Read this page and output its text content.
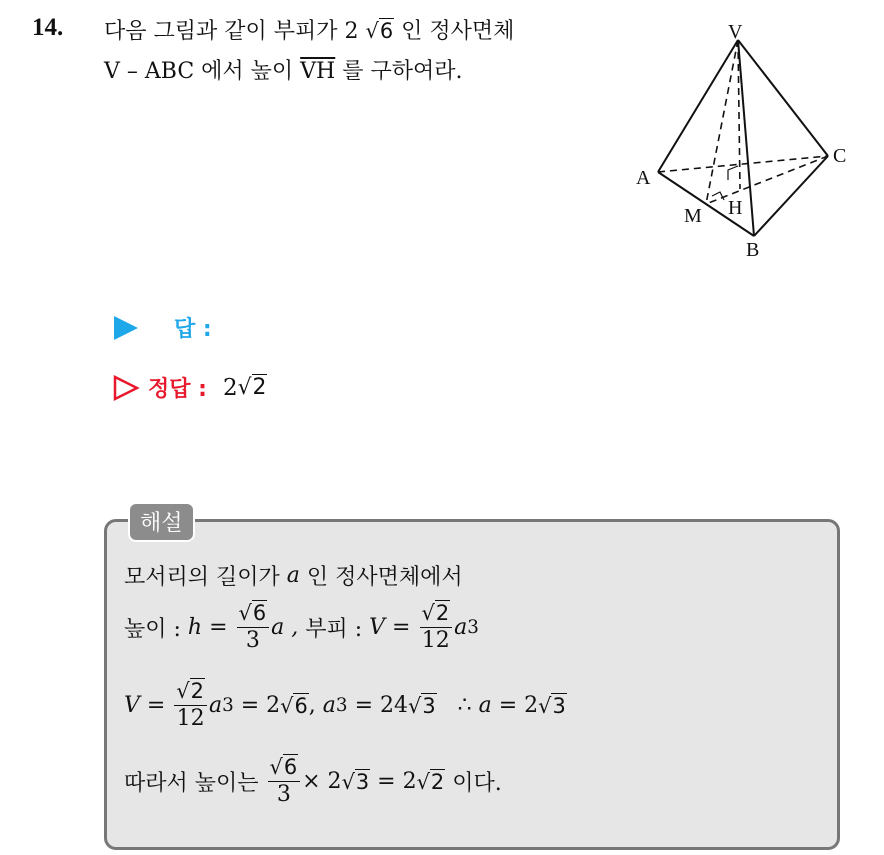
14. 다음 그림과 같이 부피가 2 √6 인 정사면체
V – ABC 에서 높이 $\overline{VH}$ 를 구하여라.
V
A
B
C
H
M
답 :
정답 : 2 √2
해설
모서리의 길이가
a
인 정사면체에서
높이 :
h =
$\frac{√6}{3}$ a ,
부피 :
V =
$\frac{√2}{12}$ a 3
V =
$\frac{√2}{12}$ a 3
= 2 √6 ,
a 3
= 24 √3
∴
a
= 2 √3
따라서 높이는
$\frac{√6}{3} \times 2$ √3
= 2 √2
이다.
